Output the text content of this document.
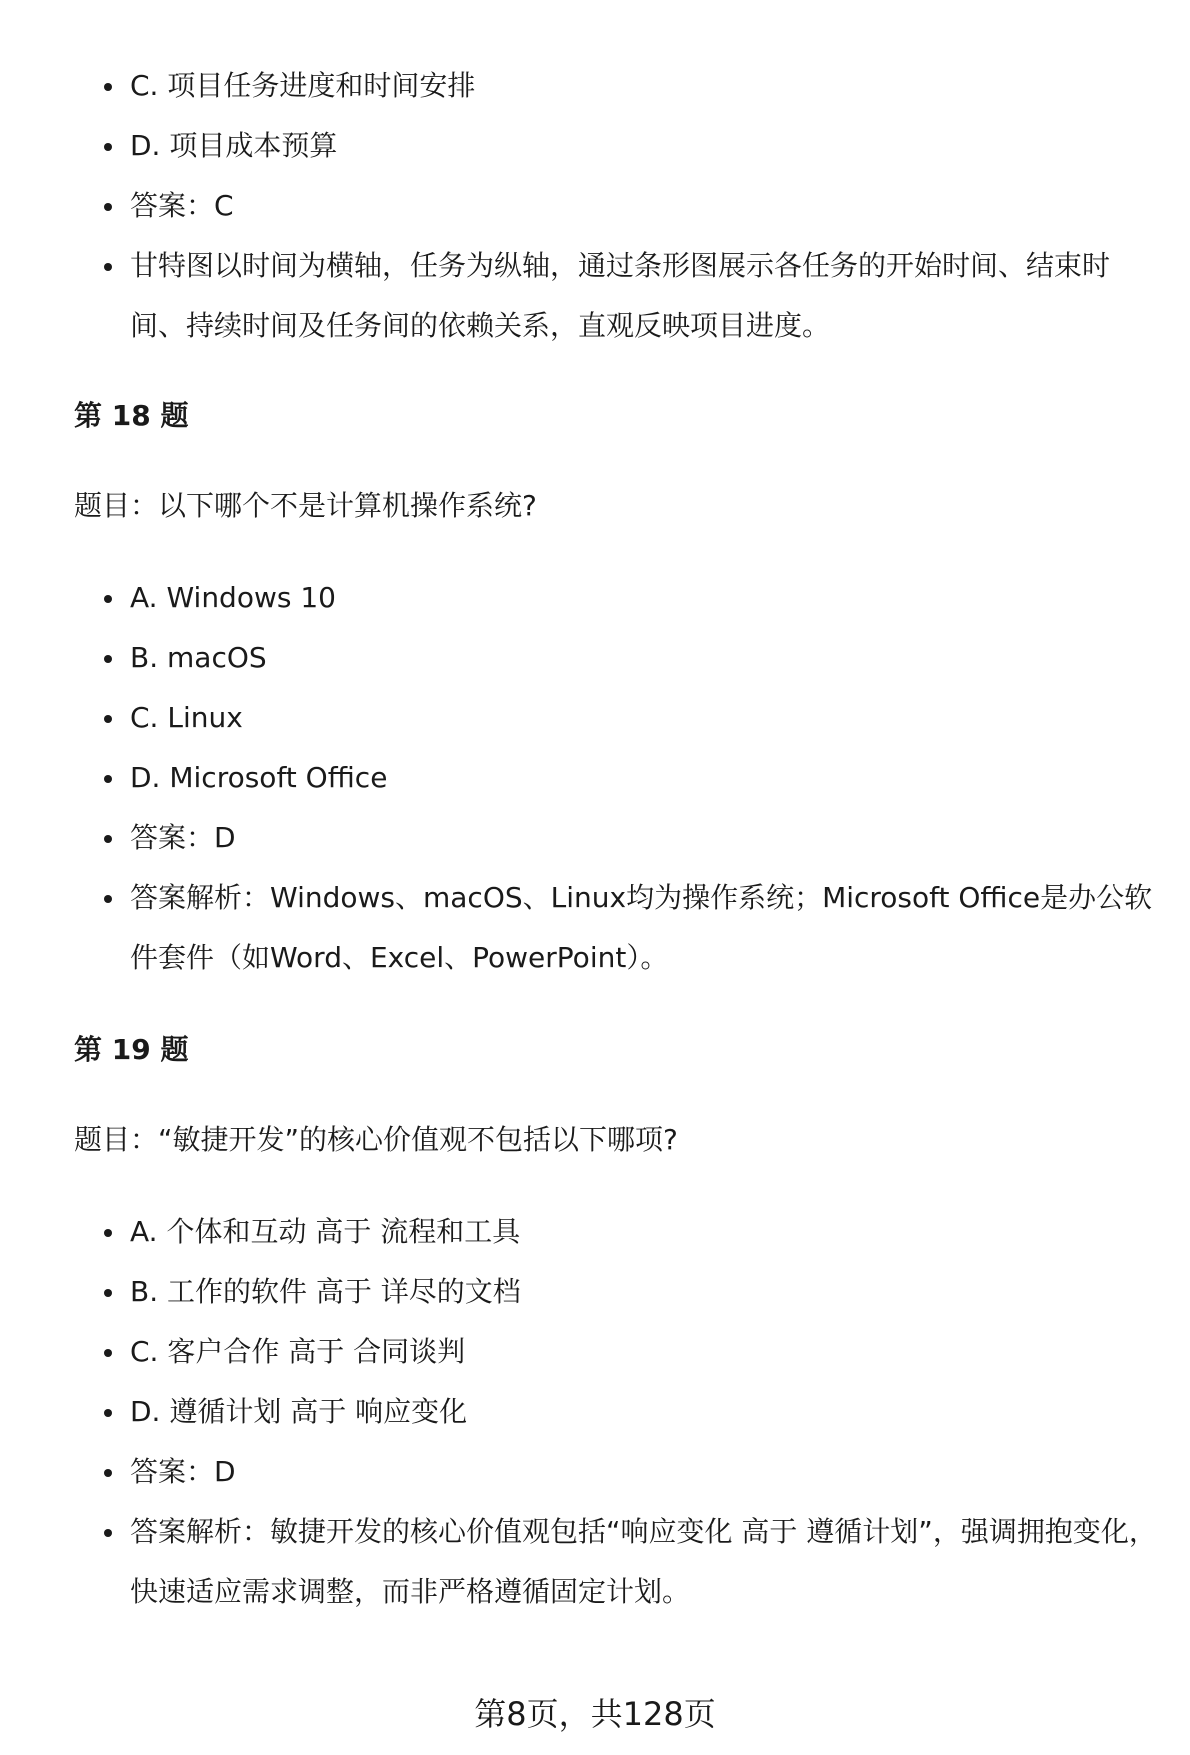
C. 项目任务进度和时间安排
D. 项目成本预算
答案：C
甘特图以时间为横轴，任务为纵轴，通过条形图展示各任务的开始时间、结束时间、持续时间及任务间的依赖关系，直观反映项目进度。
第 18 题

题目：以下哪个不是计算机操作系统?

A. Windows 10
B. macOS
C. Linux
D. Microsoft Office
答案：D
答案解析：Windows、macOS、Linux均为操作系统；Microsoft Office是办公软件套件（如Word、Excel、PowerPoint）。
第 19 题

题目：“敏捷开发”的核心价值观不包括以下哪项?

A. 个体和互动 高于 流程和工具
B. 工作的软件 高于 详尽的文档
C. 客户合作 高于 合同谈判
D. 遵循计划 高于 响应变化
答案：D
答案解析：敏捷开发的核心价值观包括“响应变化 高于 遵循计划”，强调拥抱变化，快速适应需求调整，而非严格遵循固定计划。
第8页，共128页
